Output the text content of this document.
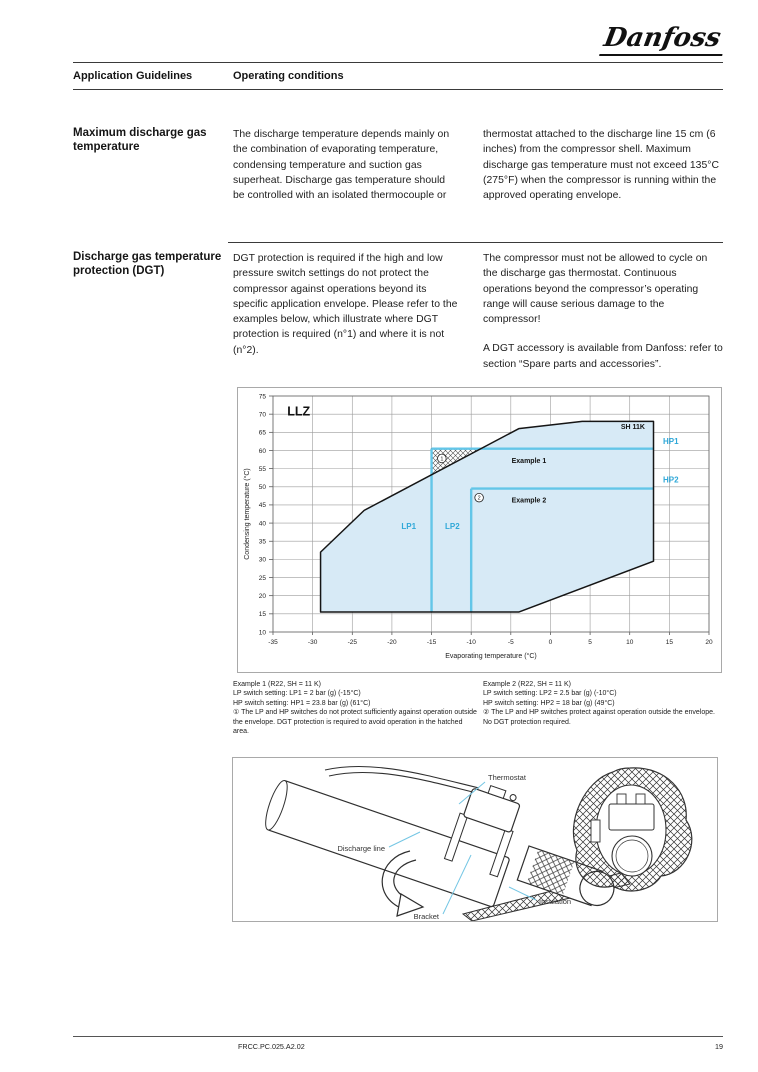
Danfoss
Application Guidelines	Operating conditions
Maximum discharge gas temperature
The discharge temperature depends mainly on the combination of evaporating temperature, condensing temperature and suction gas superheat. Discharge gas temperature should be controlled with an isolated thermocouple or
thermostat attached to the discharge line 15 cm (6 inches) from the compressor shell. Maximum discharge gas temperature must not exceed 135°C (275°F) when the compressor is running within the approved operating envelope.
Discharge gas temperature protection (DGT)
DGT protection is required if the high and low pressure switch settings do not protect the compressor against operations beyond its specific application envelope. Please refer to the examples below, which illustrate where DGT protection is required (n°1) and where it is not (n°2).

The compressor must not be allowed to cycle on the discharge gas thermostat. Continuous operations beyond the compressor’s operating range will cause serious damage to the compressor!

A DGT accessory is available from Danfoss: refer to section “Spare parts and accessories”.

-35	-30	-25	-20	-15	-10	-5	0	5	10	15	20
10
15
20
25
30
35
40
45
50
55
60
65
70
75
HP1
HP2
LP1	LP2
1
2
Example 1
Example 2
SH 11K
LLZ
Evaporating temperature (°C)
Condensing temperature (°C)
Example 1 (R22, SH = 11 K)
LP switch setting: LP1 = 2 bar (g) (-15°C)
HP switch setting: HP1 = 23.8 bar (g) (61°C)
① The LP and HP switches do not protect sufficiently against operation outside the envelope. DGT protection is required to avoid operation in the hatched area.
Example 2 (R22, SH = 11 K)
LP switch setting: LP2 = 2.5 bar (g) (-10°C)
HP switch setting: HP2 = 18 bar (g) (49°C)
② The LP and HP switches protect against operation outside the envelope. No DGT protection required.
Thermostat
Discharge line
Bracket
Insulation
FRCC.PC.025.A2.02	19
